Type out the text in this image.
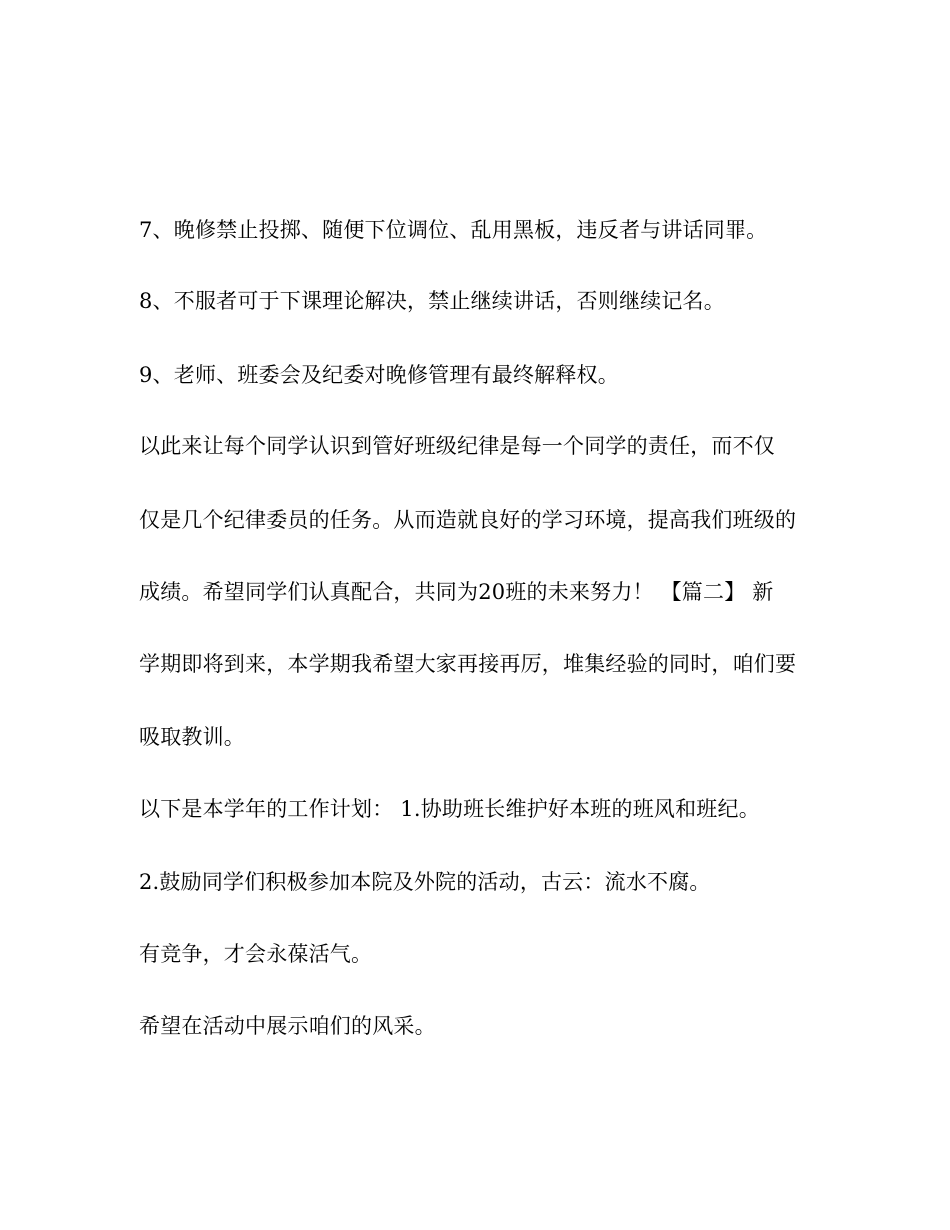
7、晚修禁止投掷、随便下位调位、乱用黑板，违反者与讲话同罪。
8、不服者可于下课理论解决，禁止继续讲话，否则继续记名。
9、老师、班委会及纪委对晚修管理有最终解释权。
以此来让每个同学认识到管好班级纪律是每一个同学的责任，而不仅
仅是几个纪律委员的任务。从而造就良好的学习环境，提高我们班级的
成绩。希望同学们认真配合，共同为20班的未来努力！ 【篇二】 新
学期即将到来，本学期我希望大家再接再厉，堆集经验的同时，咱们要
吸取教训。
以下是本学年的工作计划： 1.协助班长维护好本班的班风和班纪。
2.鼓励同学们积极参加本院及外院的活动，古云：流水不腐。
有竞争，才会永葆活气。
希望在活动中展示咱们的风采。
